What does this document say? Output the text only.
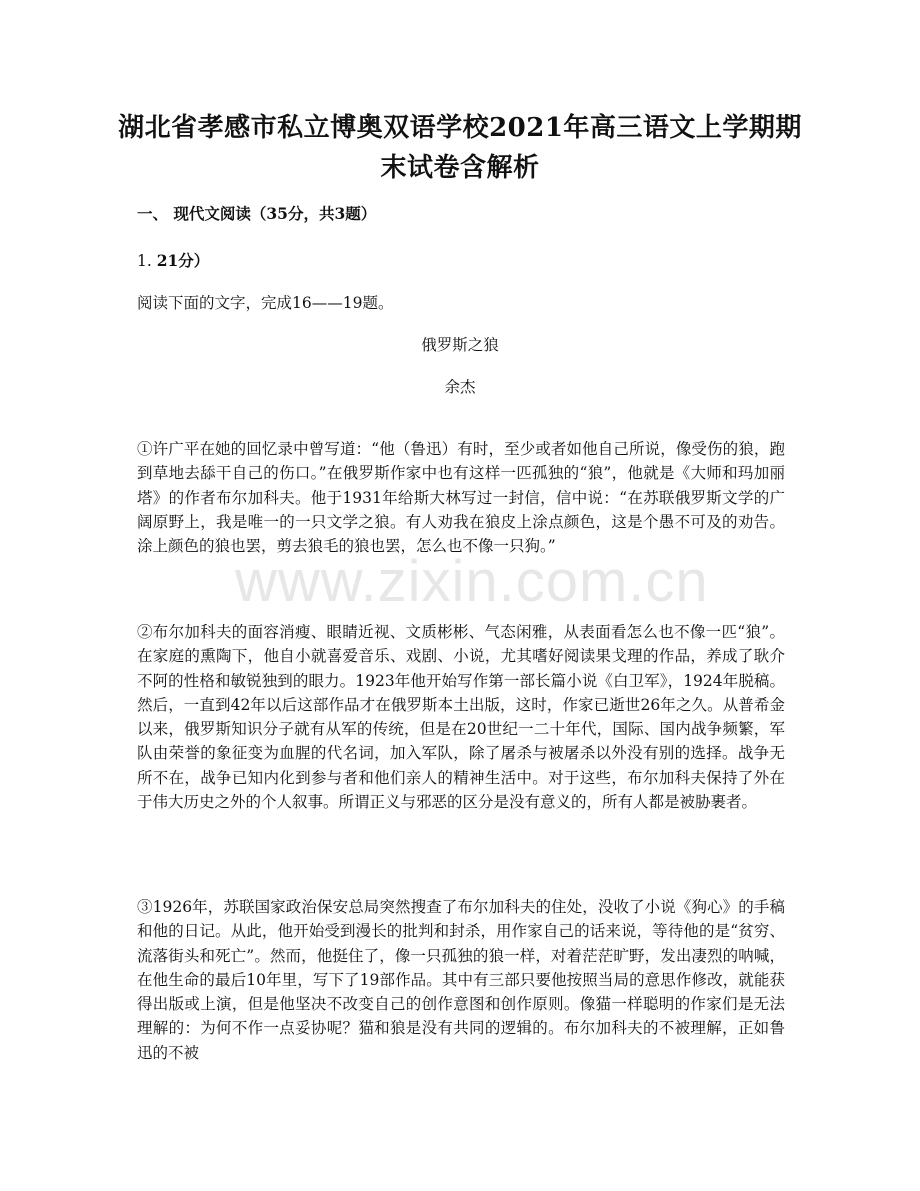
湖北省孝感市私立博奥双语学校2021年高三语文上学期期末试卷含解析
一、 现代文阅读（35分，共3题）
1. 21分）
阅读下面的文字，完成16——19题。
俄罗斯之狼
余杰

①许广平在她的回忆录中曾写道：“他（鲁迅）有时，至少或者如他自己所说，像受伤的狼，跑到草地去舔干自己的伤口。”在俄罗斯作家中也有这样一匹孤独的“狼”，他就是《大师和玛加丽塔》的作者布尔加科夫。他于1931年给斯大林写过一封信，信中说：“在苏联俄罗斯文学的广阔原野上，我是唯一的一只文学之狼。有人劝我在狼皮上涂点颜色，这是个愚不可及的劝告。涂上颜色的狼也罢，剪去狼毛的狼也罢，怎么也不像一只狗。”

②布尔加科夫的面容消瘦、眼睛近视、文质彬彬、气态闲雅，从表面看怎么也不像一匹“狼”。在家庭的熏陶下，他自小就喜爱音乐、戏剧、小说，尤其嗜好阅读果戈理的作品，养成了耿介不阿的性格和敏锐独到的眼力。1923年他开始写作第一部长篇小说《白卫军》，1924年脱稿。然后，一直到42年以后这部作品才在俄罗斯本土出版，这时，作家已逝世26年之久。从普希金以来，俄罗斯知识分子就有从军的传统，但是在20世纪一二十年代，国际、国内战争频繁，军队由荣誉的象征变为血腥的代名词，加入军队，除了屠杀与被屠杀以外没有别的选择。战争无所不在，战争已知内化到参与者和他们亲人的精神生活中。对于这些，布尔加科夫保持了外在于伟大历史之外的个人叙事。所谓正义与邪恶的区分是没有意义的，所有人都是被胁裹者。

③1926年，苏联国家政治保安总局突然搜查了布尔加科夫的住处，没收了小说《狗心》的手稿和他的日记。从此，他开始受到漫长的批判和封杀，用作家自己的话来说，等待他的是“贫穷、流落街头和死亡”。然而，他挺住了，像一只孤独的狼一样，对着茫茫旷野，发出凄烈的呐喊，在他生命的最后10年里，写下了19部作品。其中有三部只要他按照当局的意思作修改，就能获得出版或上演，但是他坚决不改变自己的创作意图和创作原则。像猫一样聪明的作家们是无法理解的：为何不作一点妥协呢？猫和狼是没有共同的逻辑的。布尔加科夫的不被理解，正如鲁迅的不被

www.zixin.com.cn
